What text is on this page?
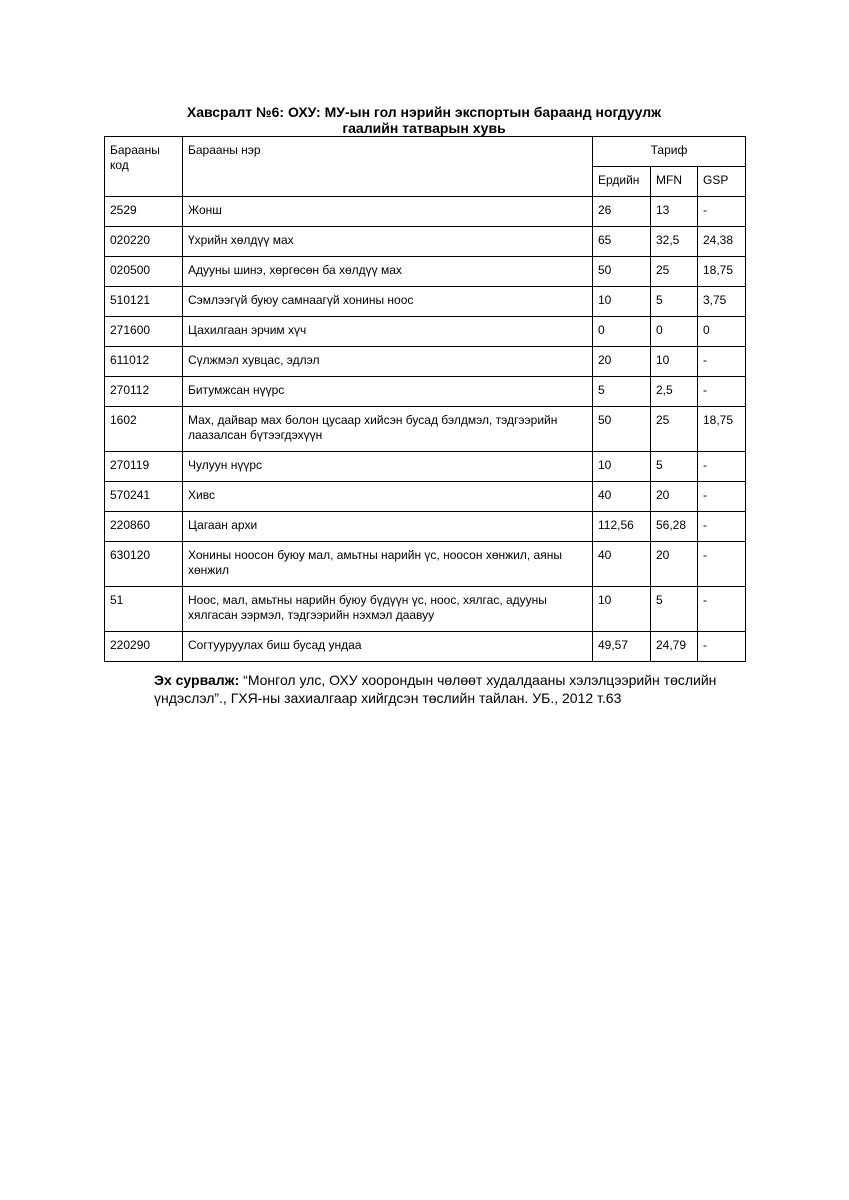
Хавсралт №6: ОХУ: МУ-ын гол нэрийн экспортын бараанд ногдуулж
гаалийн татварын хувь
Барааны код	Барааны нэр	Тариф		
		Ердийн	MFN	GSP
2529	Жонш	26	13	-
020220	Үхрийн хөлдүү мах	65	32,5	24,38
020500	Адууны шинэ, хөргөсөн ба хөлдүү мах	50	25	18,75
510121	Сэмлээгүй буюу самнаагүй хонины ноос	10	5	3,75
271600	Цахилгаан эрчим хүч	0	0	0
611012	Сүлжмэл хувцас, эдлэл	20	10	-
270112	Битумжсан нүүрс	5	2,5	-
1602	Мах, дайвар мах болон цусаар хийсэн бусад бэлдмэл, тэдгээрийн лаазалсан бүтээгдэхүүн	50	25	18,75
270119	Чулуун нүүрс	10	5	-
570241	Хивс	40	20	-
220860	Цагаан архи	112,56	56,28	-
630120	Хонины ноосон буюу мал, амьтны нарийн үс, ноосон хөнжил, аяны хөнжил	40	20	-
51	Ноос, мал, амьтны нарийн буюу бүдүүн үс, ноос, хялгас, адууны хялгасан ээрмэл, тэдгээрийн нэхмэл даавуу	10	5	-
220290	Согтууруулах биш бусад ундаа	49,57	24,79	-
Эх сурвалж: “Монгол улс, ОХУ хоорондын чөлөөт худалдааны хэлэлцээрийн төслийн үндэслэл”., ГХЯ-ны захиалгаар хийгдсэн төслийн тайлан. УБ., 2012 т.63
